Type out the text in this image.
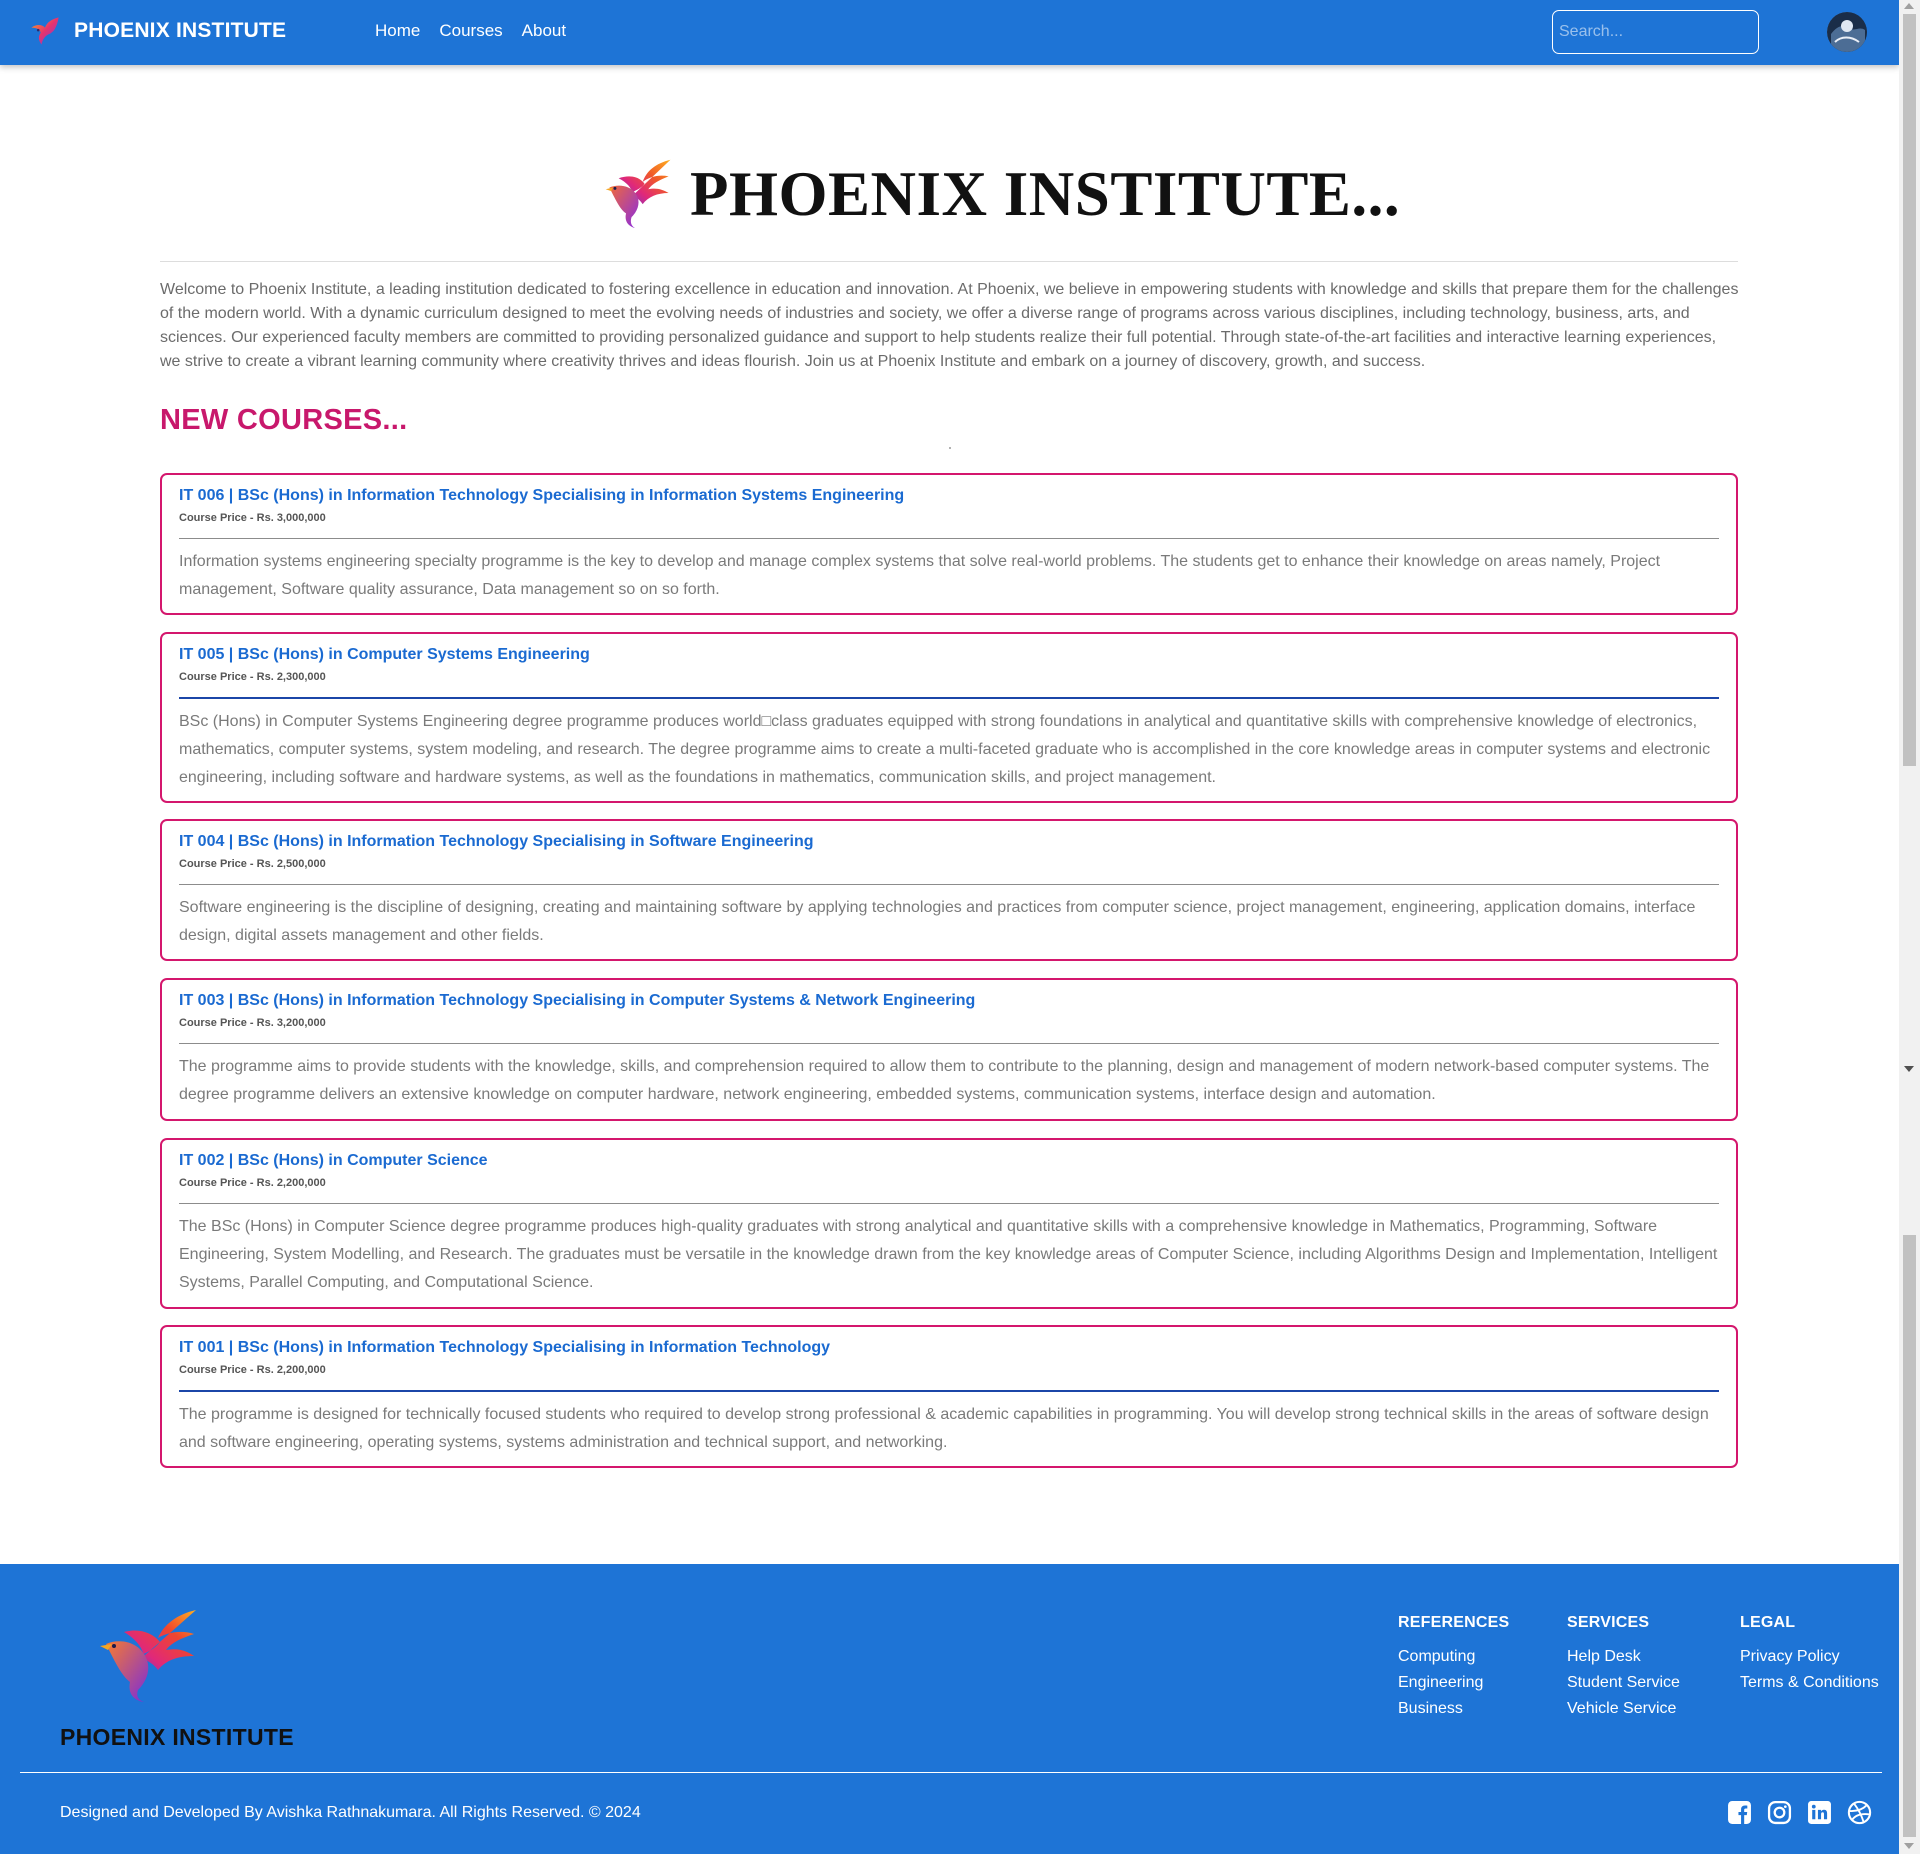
PHOENIX INSTITUTE	Home Courses About
Search...
PHOENIX INSTITUTE...

Welcome to Phoenix Institute, a leading institution dedicated to fostering excellence in education and innovation. At Phoenix, we believe in empowering students with knowledge and skills that prepare them for the challenges of the modern world. With a dynamic curriculum designed to meet the evolving needs of industries and society, we offer a diverse range of programs across various disciplines, including technology, business, arts, and sciences. Our experienced faculty members are committed to providing personalized guidance and support to help students realize their full potential. Through state-of-the-art facilities and interactive learning experiences, we strive to create a vibrant learning community where creativity thrives and ideas flourish. Join us at Phoenix Institute and embark on a journey of discovery, growth, and success.

NEW COURSES...
IT 006 | BSc (Hons) in Information Technology Specialising in Information Systems Engineering
Course Price - Rs. 3,000,000

Information systems engineering specialty programme is the key to develop and manage complex systems that solve real-world problems. The students get to enhance their knowledge on areas namely, Project management, Software quality assurance, Data management so on so forth.

IT 005 | BSc (Hons) in Computer Systems Engineering
Course Price - Rs. 2,300,000

BSc (Hons) in Computer Systems Engineering degree programme produces world□class graduates equipped with strong foundations in analytical and quantitative skills with comprehensive knowledge of electronics, mathematics, computer systems, system modeling, and research. The degree programme aims to create a multi-faceted graduate who is accomplished in the core knowledge areas in computer systems and electronic engineering, including software and hardware systems, as well as the foundations in mathematics, communication skills, and project management.

IT 004 | BSc (Hons) in Information Technology Specialising in Software Engineering
Course Price - Rs. 2,500,000

Software engineering is the discipline of designing, creating and maintaining software by applying technologies and practices from computer science, project management, engineering, application domains, interface design, digital assets management and other fields.

IT 003 | BSc (Hons) in Information Technology Specialising in Computer Systems & Network Engineering
Course Price - Rs. 3,200,000

The programme aims to provide students with the knowledge, skills, and comprehension required to allow them to contribute to the planning, design and management of modern network-based computer systems. The degree programme delivers an extensive knowledge on computer hardware, network engineering, embedded systems, communication systems, interface design and automation.

IT 002 | BSc (Hons) in Computer Science
Course Price - Rs. 2,200,000

The BSc (Hons) in Computer Science degree programme produces high-quality graduates with strong analytical and quantitative skills with a comprehensive knowledge in Mathematics, Programming, Software Engineering, System Modelling, and Research. The graduates must be versatile in the knowledge drawn from the key knowledge areas of Computer Science, including Algorithms Design and Implementation, Intelligent Systems, Parallel Computing, and Computational Science.

IT 001 | BSc (Hons) in Information Technology Specialising in Information Technology
Course Price - Rs. 2,200,000

The programme is designed for technically focused students who required to develop strong professional & academic capabilities in programming. You will develop strong technical skills in the areas of software design and software engineering, operating systems, systems administration and technical support, and networking.

PHOENIX INSTITUTE
REFERENCES
Computing
Engineering
Business
SERVICES
Help Desk
Student Service
Vehicle Service
LEGAL
Privacy Policy
Terms & Conditions
Designed and Developed By Avishka Rathnakumara. All Rights Reserved. © 2024
